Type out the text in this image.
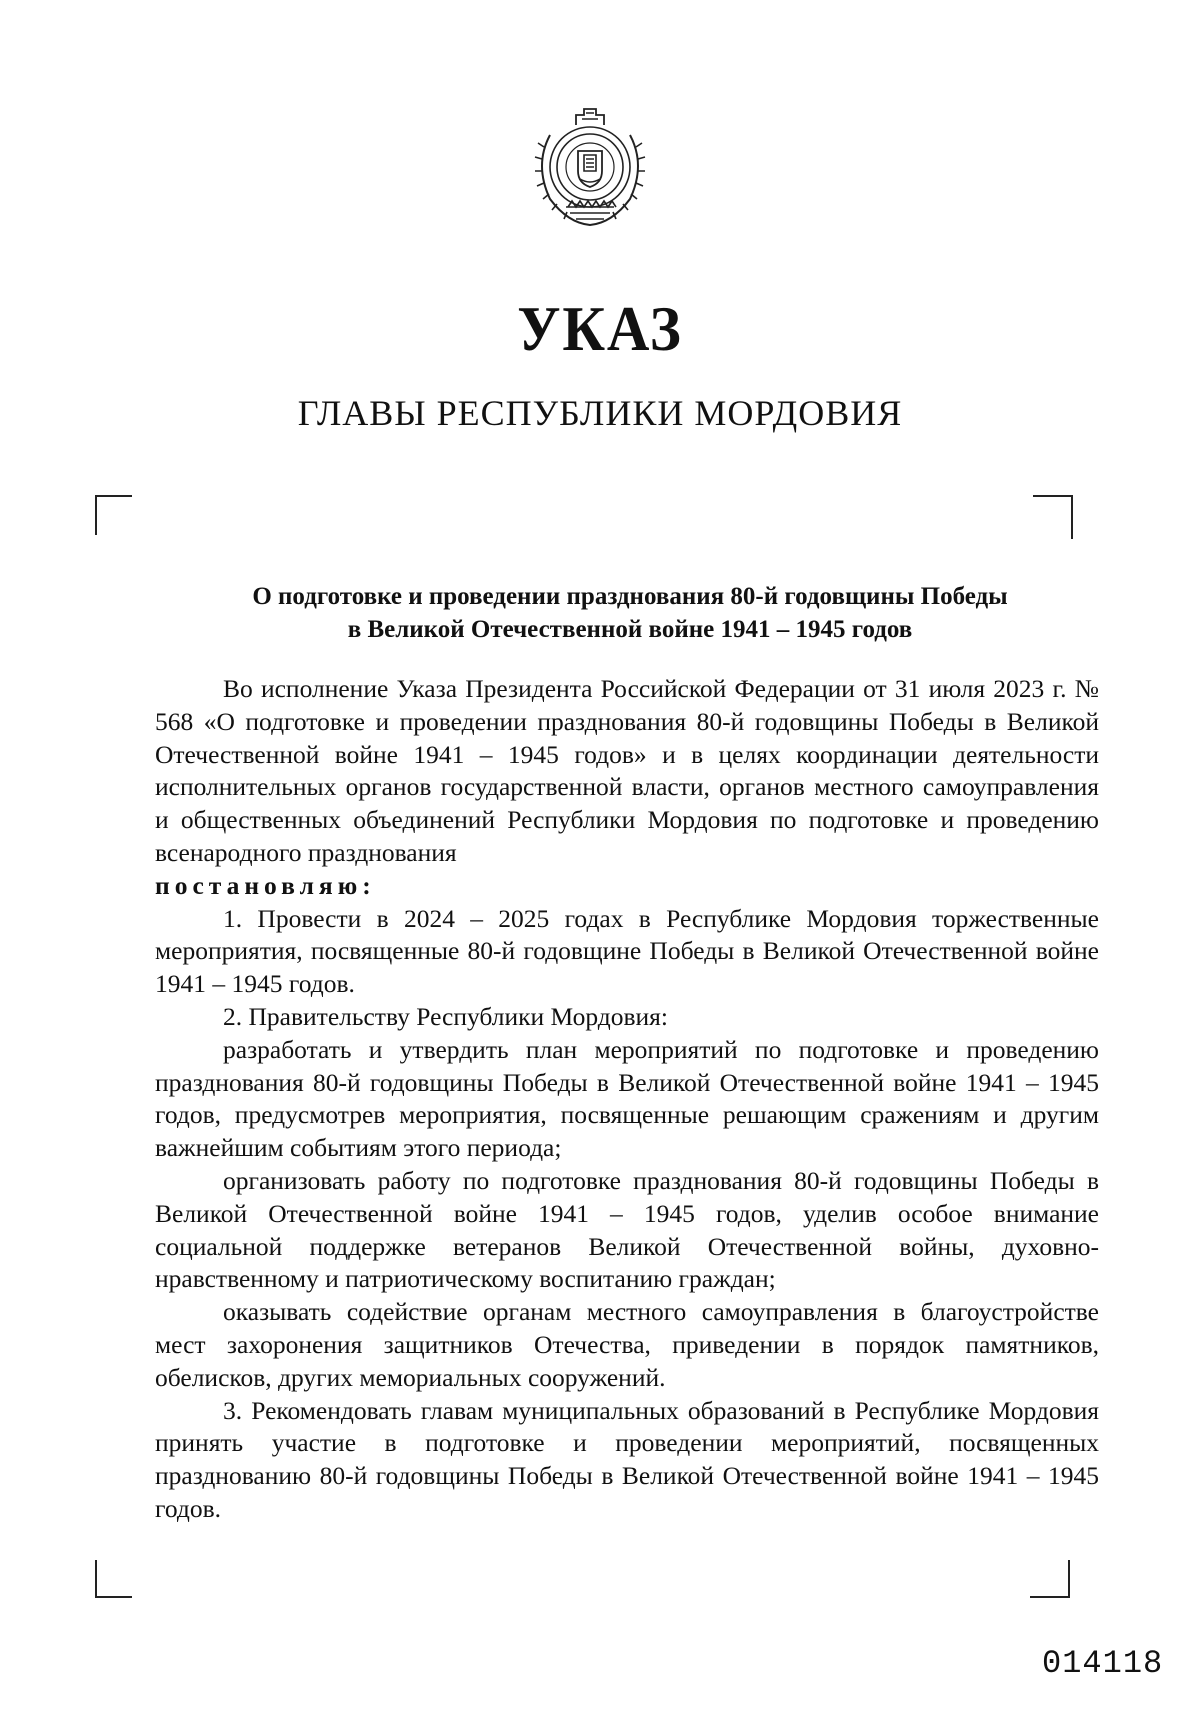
УКАЗ
ГЛАВЫ РЕСПУБЛИКИ МОРДОВИЯ
О подготовке и проведении празднования 80-й годовщины Победы
в Великой Отечественной войне 1941 – 1945 годов

Во исполнение Указа Президента Российской Федерации от 31 июля 2023 г. № 568 «О подготовке и проведении празднования 80-й годовщины Победы в Великой Отечественной войне 1941 – 1945 годов» и в целях координации деятельности исполнительных органов государственной власти, органов местного самоуправления и общественных объединений Республики Мордовия по подготовке и проведению всенародного празднования

постановляю:

1. Провести в 2024 – 2025 годах в Республике Мордовия торжественные мероприятия, посвященные 80-й годовщине Победы в Великой Отечественной войне 1941 – 1945 годов.

2. Правительству Республики Мордовия:

разработать и утвердить план мероприятий по подготовке и проведению празднования 80-й годовщины Победы в Великой Отечественной войне 1941 – 1945 годов, предусмотрев мероприятия, посвященные решающим сражениям и другим важнейшим событиям этого периода;

организовать работу по подготовке празднования 80-й годовщины Победы в Великой Отечественной войне 1941 – 1945 годов, уделив особое внимание социальной поддержке ветеранов Великой Отечественной войны, духовно-нравственному и патриотическому воспитанию граждан;

оказывать содействие органам местного самоуправления в благоустройстве мест захоронения защитников Отечества, приведении в порядок памятников, обелисков, других мемориальных сооружений.

3. Рекомендовать главам муниципальных образований в Республике Мордовия принять участие в подготовке и проведении мероприятий, посвященных празднованию 80-й годовщины Победы в Великой Отечественной войне 1941 – 1945 годов.

014118
